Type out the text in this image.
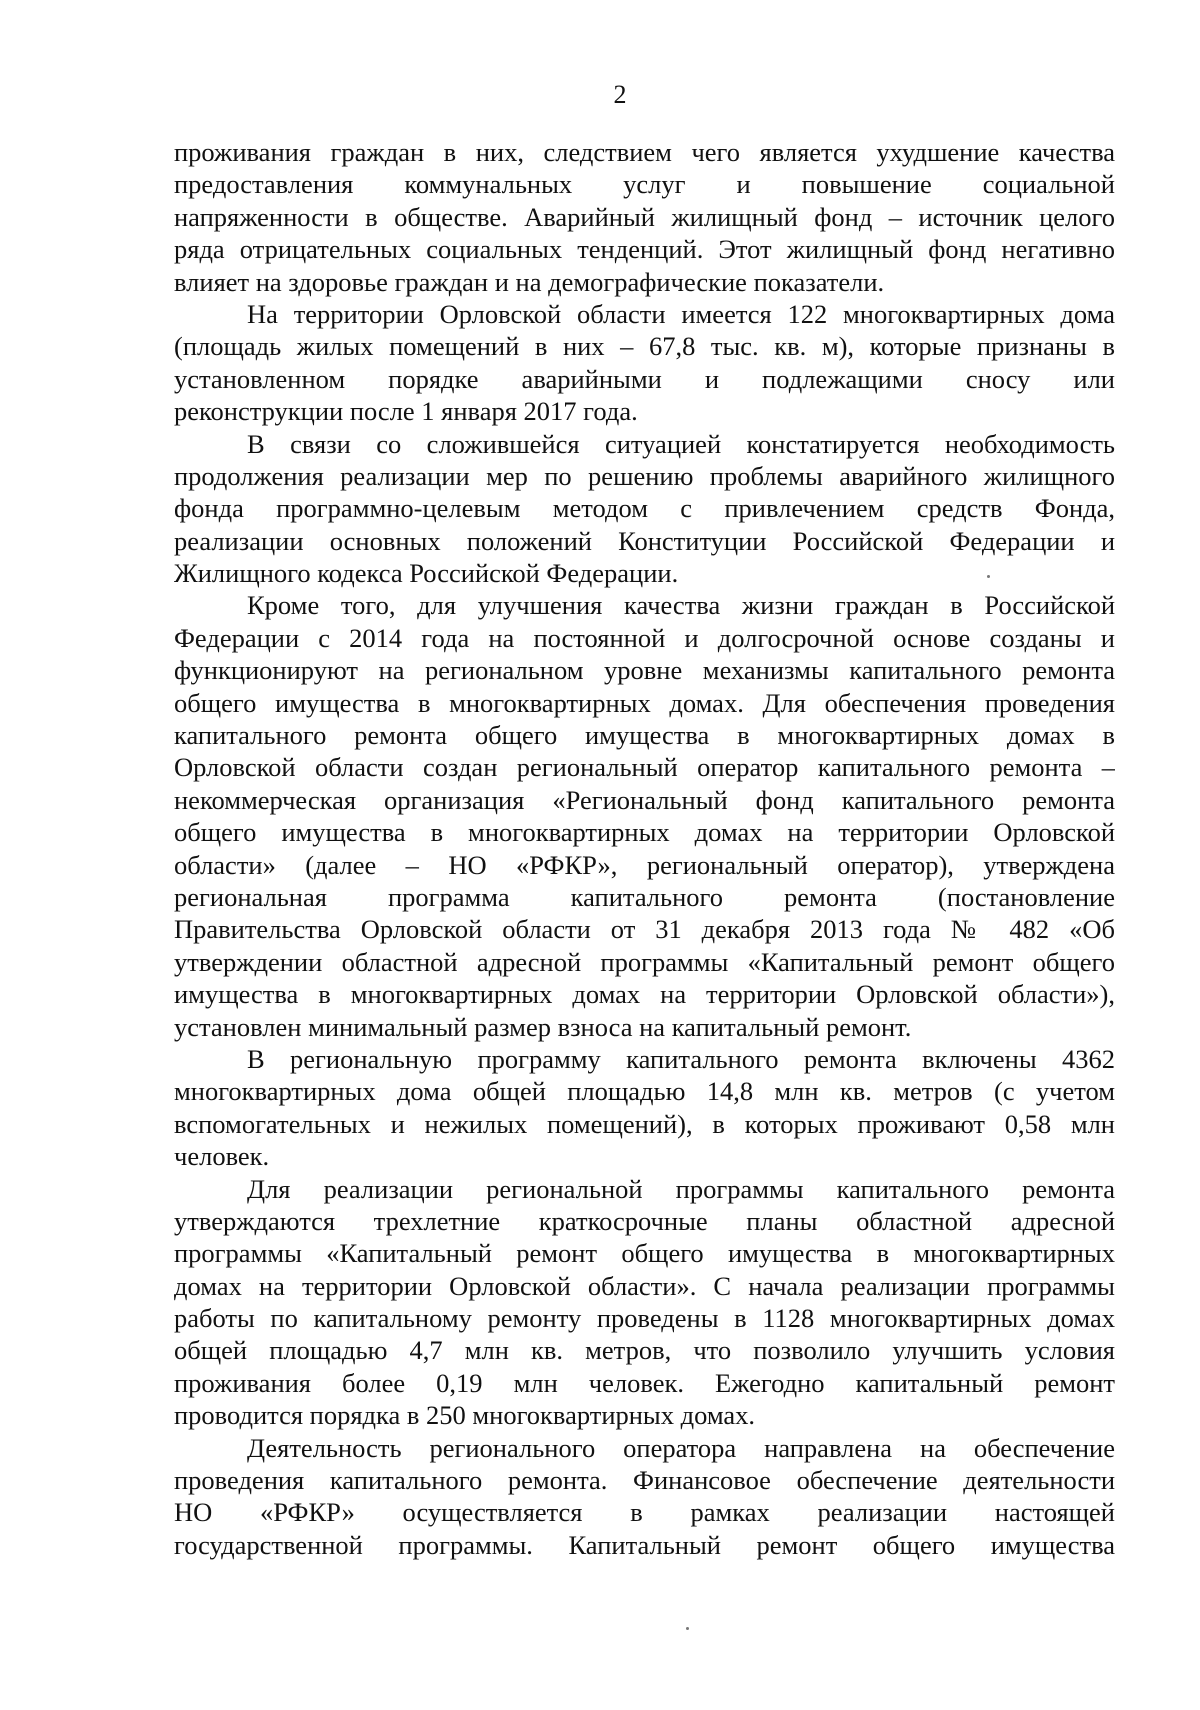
2
проживания граждан в них, следствием чего является ухудшение качества
предоставления коммунальных услуг и повышение социальной
напряженности в обществе. Аварийный жилищный фонд – источник целого
ряда отрицательных социальных тенденций. Этот жилищный фонд негативно
влияет на здоровье граждан и на демографические показатели.
На территории Орловской области имеется 122 многоквартирных дома
(площадь жилых помещений в них – 67,8 тыс. кв. м), которые признаны в
установленном порядке аварийными и подлежащими сносу или
реконструкции после 1 января 2017 года.
В связи со сложившейся ситуацией констатируется необходимость
продолжения реализации мер по решению проблемы аварийного жилищного
фонда программно-целевым методом с привлечением средств Фонда,
реализации основных положений Конституции Российской Федерации и
Жилищного кодекса Российской Федерации.
Кроме того, для улучшения качества жизни граждан в Российской
Федерации с 2014 года на постоянной и долгосрочной основе созданы и
функционируют на региональном уровне механизмы капитального ремонта
общего имущества в многоквартирных домах. Для обеспечения проведения
капитального ремонта общего имущества в многоквартирных домах в
Орловской области создан региональный оператор капитального ремонта –
некоммерческая организация «Региональный фонд капитального ремонта
общего имущества в многоквартирных домах на территории Орловской
области» (далее – НО «РФКР», региональный оператор), утверждена
региональная программа капитального ремонта (постановление
Правительства Орловской области от 31 декабря 2013 года № 482 «Об
утверждении областной адресной программы «Капитальный ремонт общего
имущества в многоквартирных домах на территории Орловской области»),
установлен минимальный размер взноса на капитальный ремонт.
В региональную программу капитального ремонта включены 4362
многоквартирных дома общей площадью 14,8 млн кв. метров (с учетом
вспомогательных и нежилых помещений), в которых проживают 0,58 млн
человек.
Для реализации региональной программы капитального ремонта
утверждаются трехлетние краткосрочные планы областной адресной
программы «Капитальный ремонт общего имущества в многоквартирных
домах на территории Орловской области». С начала реализации программы
работы по капитальному ремонту проведены в 1128 многоквартирных домах
общей площадью 4,7 млн кв. метров, что позволило улучшить условия
проживания более 0,19 млн человек. Ежегодно капитальный ремонт
проводится порядка в 250 многоквартирных домах.
Деятельность регионального оператора направлена на обеспечение
проведения капитального ремонта. Финансовое обеспечение деятельности
НО «РФКР» осуществляется в рамках реализации настоящей
государственной программы. Капитальный ремонт общего имущества
